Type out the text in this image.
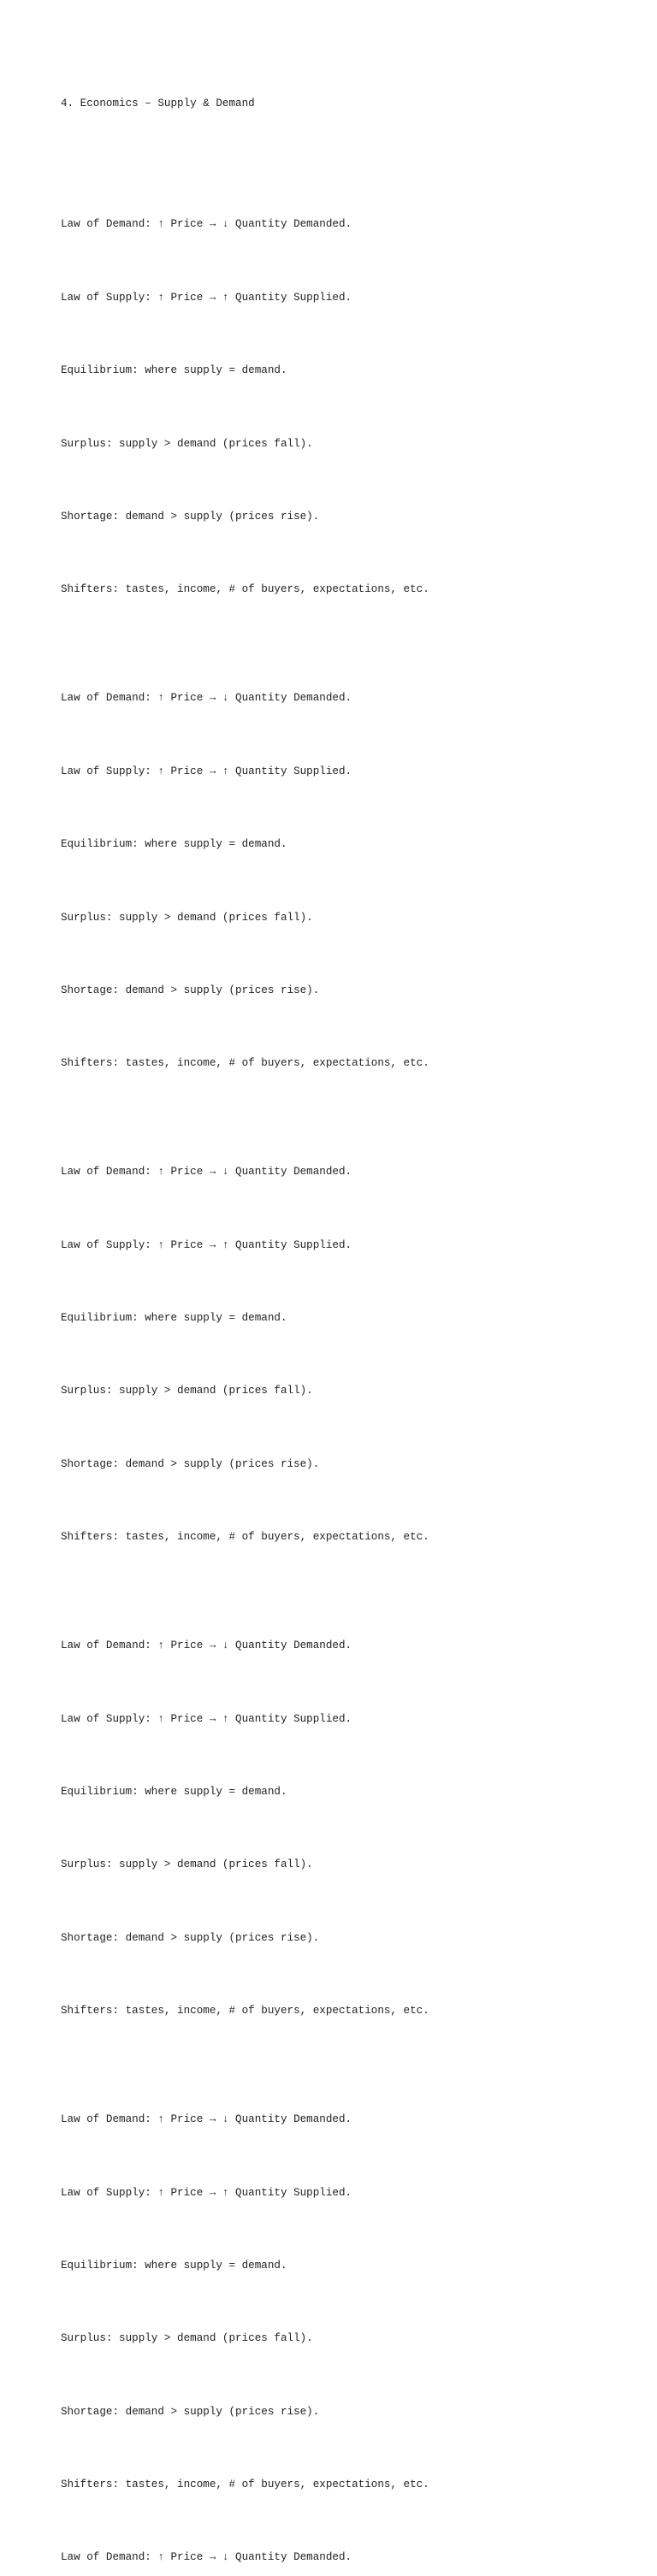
4. Economics – Supply & Demand

Law of Demand: ↑ Price → ↓ Quantity Demanded.

Law of Supply: ↑ Price → ↑ Quantity Supplied.

Equilibrium: where supply = demand.

Surplus: supply > demand (prices fall).

Shortage: demand > supply (prices rise).

Shifters: tastes, income, # of buyers, expectations, etc.

Law of Demand: ↑ Price → ↓ Quantity Demanded.

Law of Supply: ↑ Price → ↑ Quantity Supplied.

Equilibrium: where supply = demand.

Surplus: supply > demand (prices fall).

Shortage: demand > supply (prices rise).

Shifters: tastes, income, # of buyers, expectations, etc.

Law of Demand: ↑ Price → ↓ Quantity Demanded.

Law of Supply: ↑ Price → ↑ Quantity Supplied.

Equilibrium: where supply = demand.

Surplus: supply > demand (prices fall).

Shortage: demand > supply (prices rise).

Shifters: tastes, income, # of buyers, expectations, etc.

Law of Demand: ↑ Price → ↓ Quantity Demanded.

Law of Supply: ↑ Price → ↑ Quantity Supplied.

Equilibrium: where supply = demand.

Surplus: supply > demand (prices fall).

Shortage: demand > supply (prices rise).

Shifters: tastes, income, # of buyers, expectations, etc.

Law of Demand: ↑ Price → ↓ Quantity Demanded.

Law of Supply: ↑ Price → ↑ Quantity Supplied.

Equilibrium: where supply = demand.

Surplus: supply > demand (prices fall).

Shortage: demand > supply (prices rise).

Shifters: tastes, income, # of buyers, expectations, etc.

Law of Demand: ↑ Price → ↓ Quantity Demanded.
